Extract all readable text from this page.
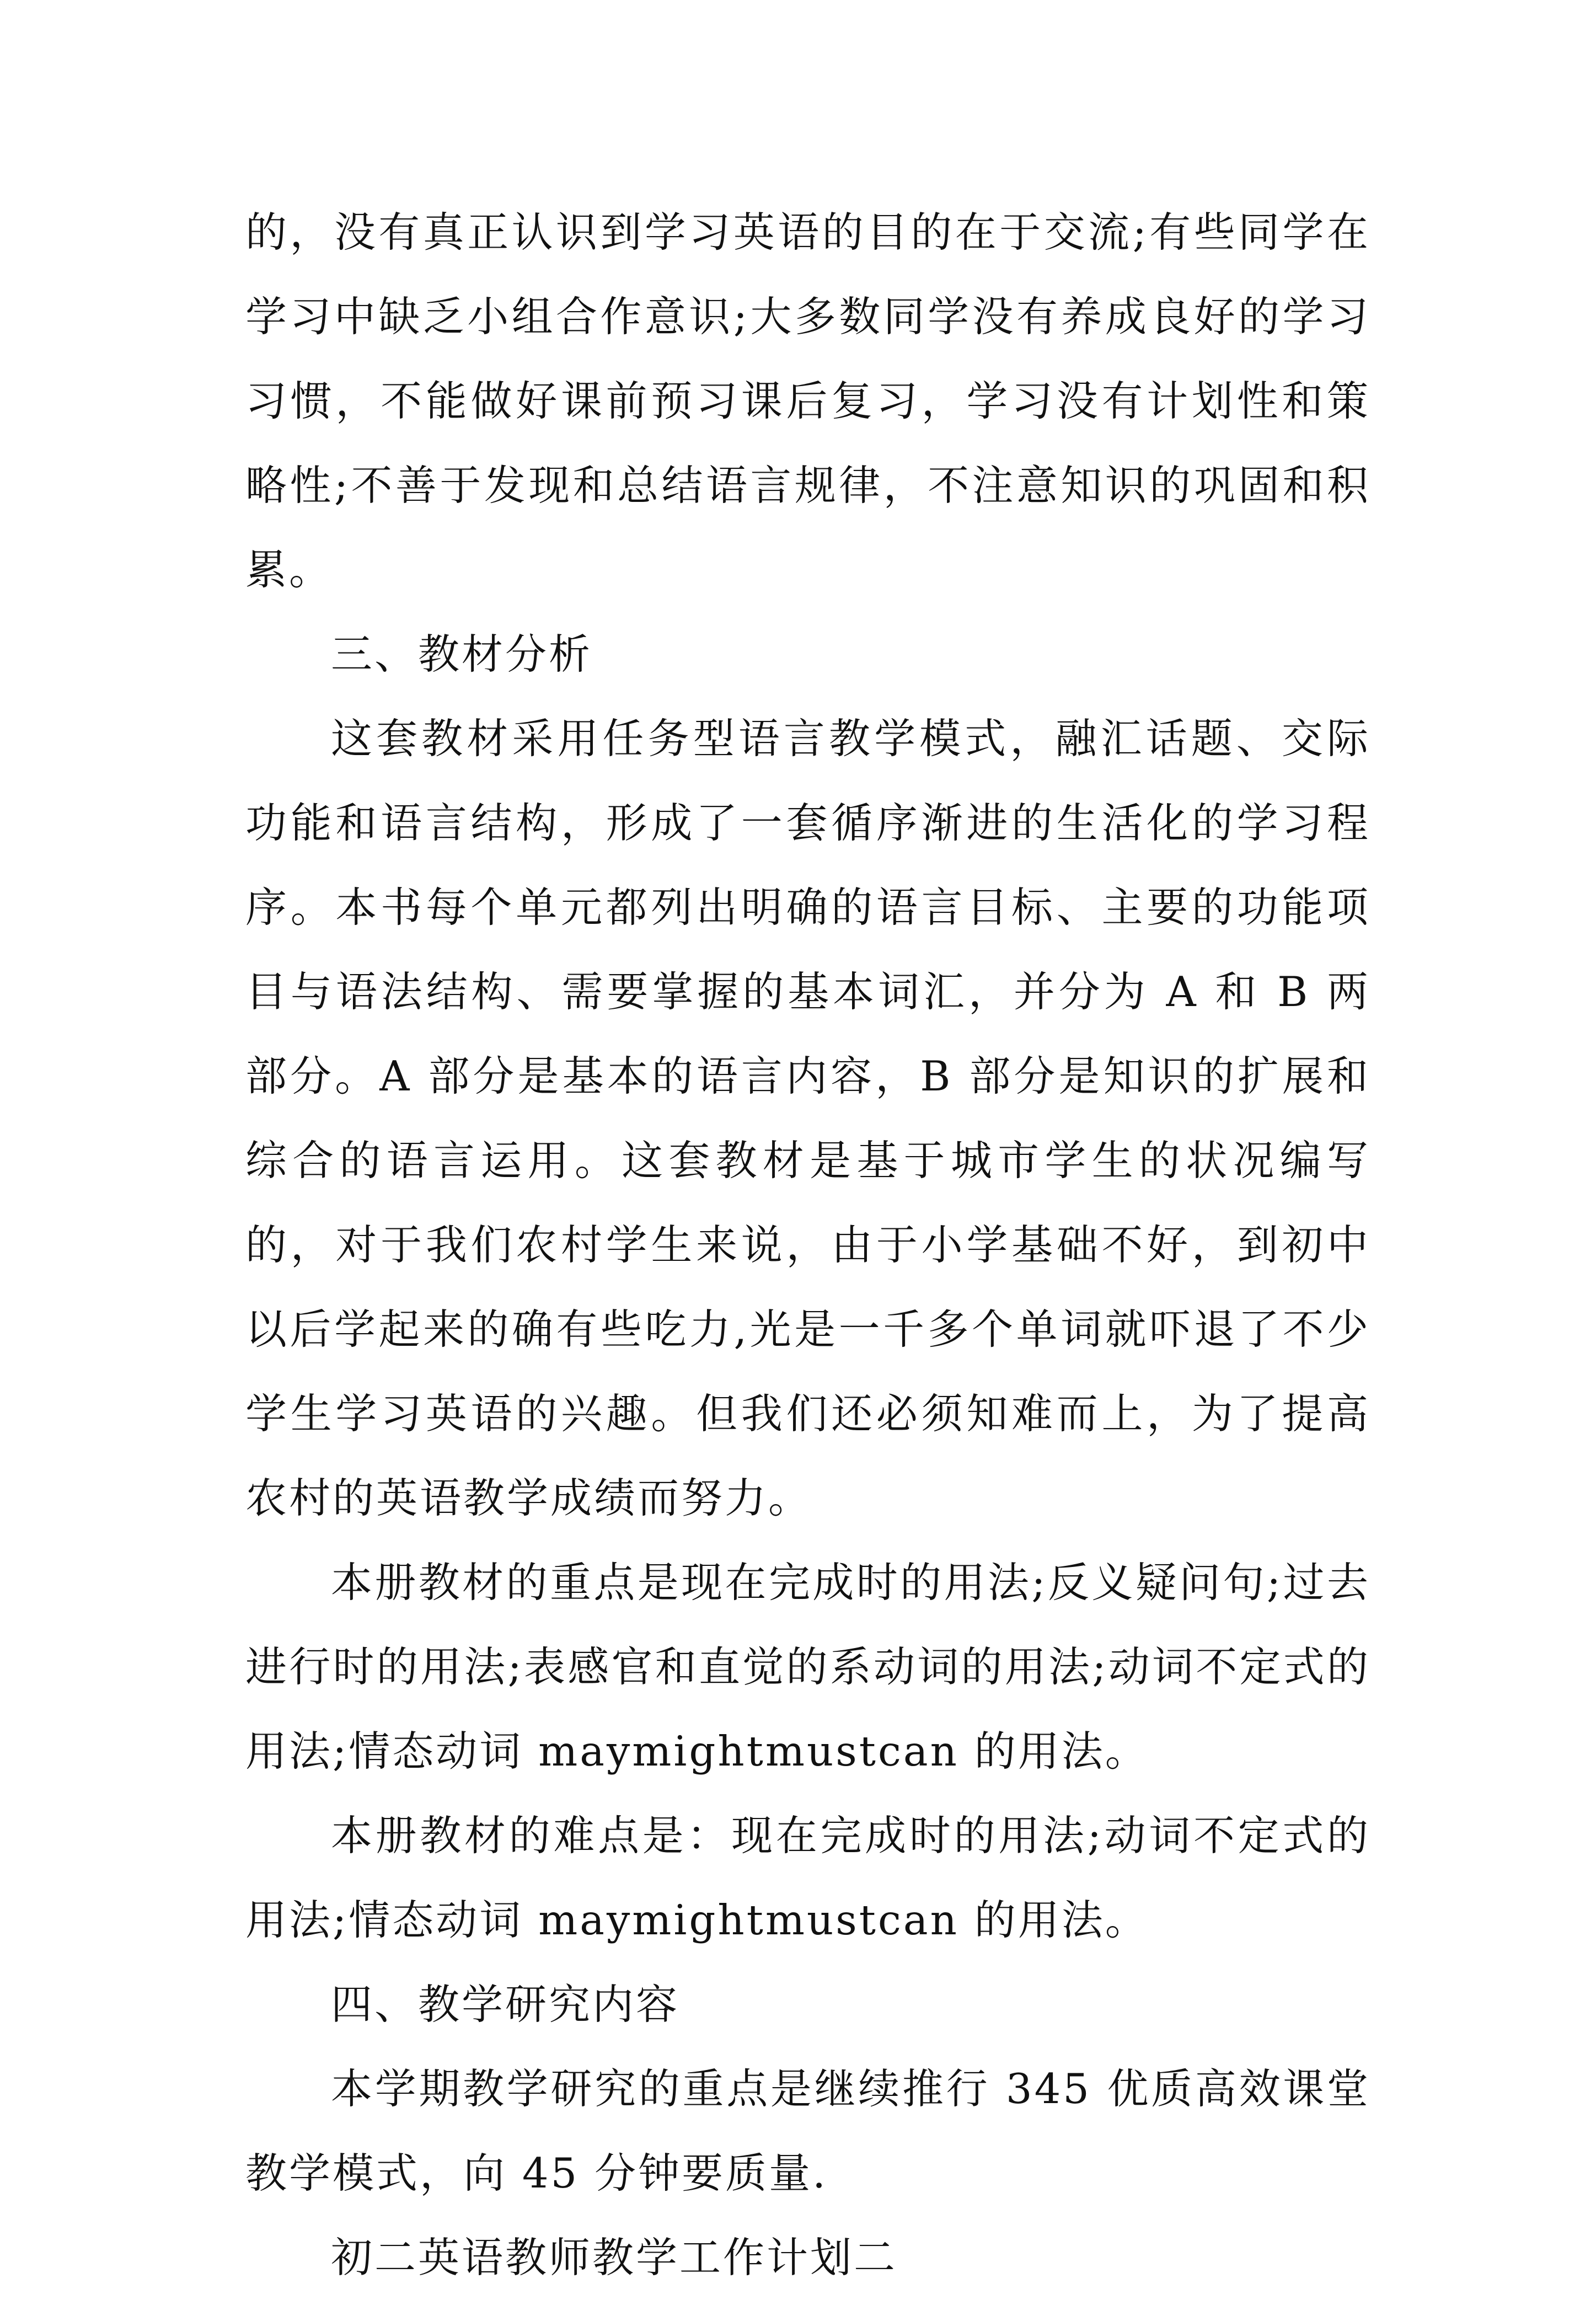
的，没有真正认识到学习英语的目的在于交流;有些同学在学习中缺乏小组合作意识;大多数同学没有养成良好的学习习惯，不能做好课前预习课后复习，学习没有计划性和策略性;不善于发现和总结语言规律，不注意知识的巩固和积累。

三、教材分析

这套教材采用任务型语言教学模式，融汇话题、交际功能和语言结构，形成了一套循序渐进的生活化的学习程序。本书每个单元都列出明确的语言目标、主要的功能项目与语法结构、需要掌握的基本词汇，并分为 A 和 B 两部分。A 部分是基本的语言内容，B 部分是知识的扩展和综合的语言运用。这套教材是基于城市学生的状况编写的，对于我们农村学生来说，由于小学基础不好，到初中以后学起来的确有些吃力,光是一千多个单词就吓退了不少学生学习英语的兴趣。但我们还必须知难而上，为了提高农村的英语教学成绩而努力。

本册教材的重点是现在完成时的用法;反义疑问句;过去进行时的用法;表感官和直觉的系动词的用法;动词不定式的用法;情态动词 maymightmustcan 的用法。

本册教材的难点是：现在完成时的用法;动词不定式的用法;情态动词 maymightmustcan 的用法。

四、教学研究内容

本学期教学研究的重点是继续推行 345 优质高效课堂教学模式，向 45 分钟要质量.

初二英语教师教学工作计划二
